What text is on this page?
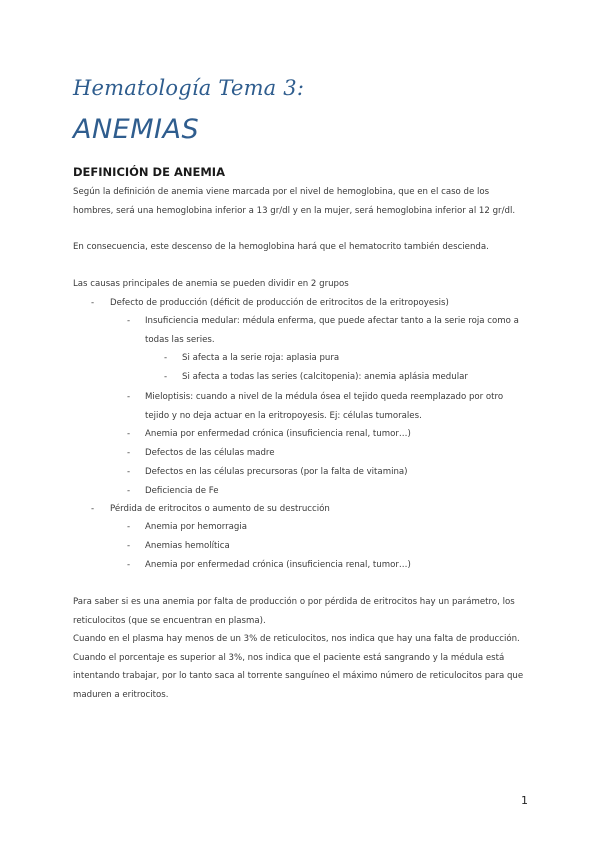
Hematología Tema 3:
ANEMIAS
DEFINICIÓN DE ANEMIA
Según la definición de anemia viene marcada por el nivel de hemoglobina, que en el caso de los hombres, será una hemoglobina inferior a 13 gr/dl y en la mujer, será hemoglobina inferior al 12 gr/dl.
En consecuencia, este descenso de la hemoglobina hará que el hematocrito también descienda.
Las causas principales de anemia se pueden dividir en 2 grupos
- Defecto de producción (déficit de producción de eritrocitos de la eritropoyesis)
- Insuficiencia medular: médula enferma, que puede afectar tanto a la serie roja como a todas las series.
- Si afecta a la serie roja: aplasia pura
- Si afecta a todas las series (calcitopenia): anemia aplásia medular
- Mieloptisis: cuando a nivel de la médula ósea el tejido queda reemplazado por otro tejido y no deja actuar en la eritropoyesis. Ej: células tumorales.
- Anemia por enfermedad crónica (insuficiencia renal, tumor…)
- Defectos de las células madre
- Defectos en las células precursoras (por la falta de vitamina)
- Deficiencia de Fe
- Pérdida de eritrocitos o aumento de su destrucción
- Anemia por hemorragia
- Anemias hemolítica
- Anemia por enfermedad crónica (insuficiencia renal, tumor…)
Para saber si es una anemia por falta de producción o por pérdida de eritrocitos hay un parámetro, los reticulocitos (que se encuentran en plasma).
Cuando en el plasma hay menos de un 3% de reticulocitos, nos indica que hay una falta de producción. Cuando el porcentaje es superior al 3%, nos indica que el paciente está sangrando y la médula está intentando trabajar, por lo tanto saca al torrente sanguíneo el máximo número de reticulocitos para que maduren a eritrocitos.
1
